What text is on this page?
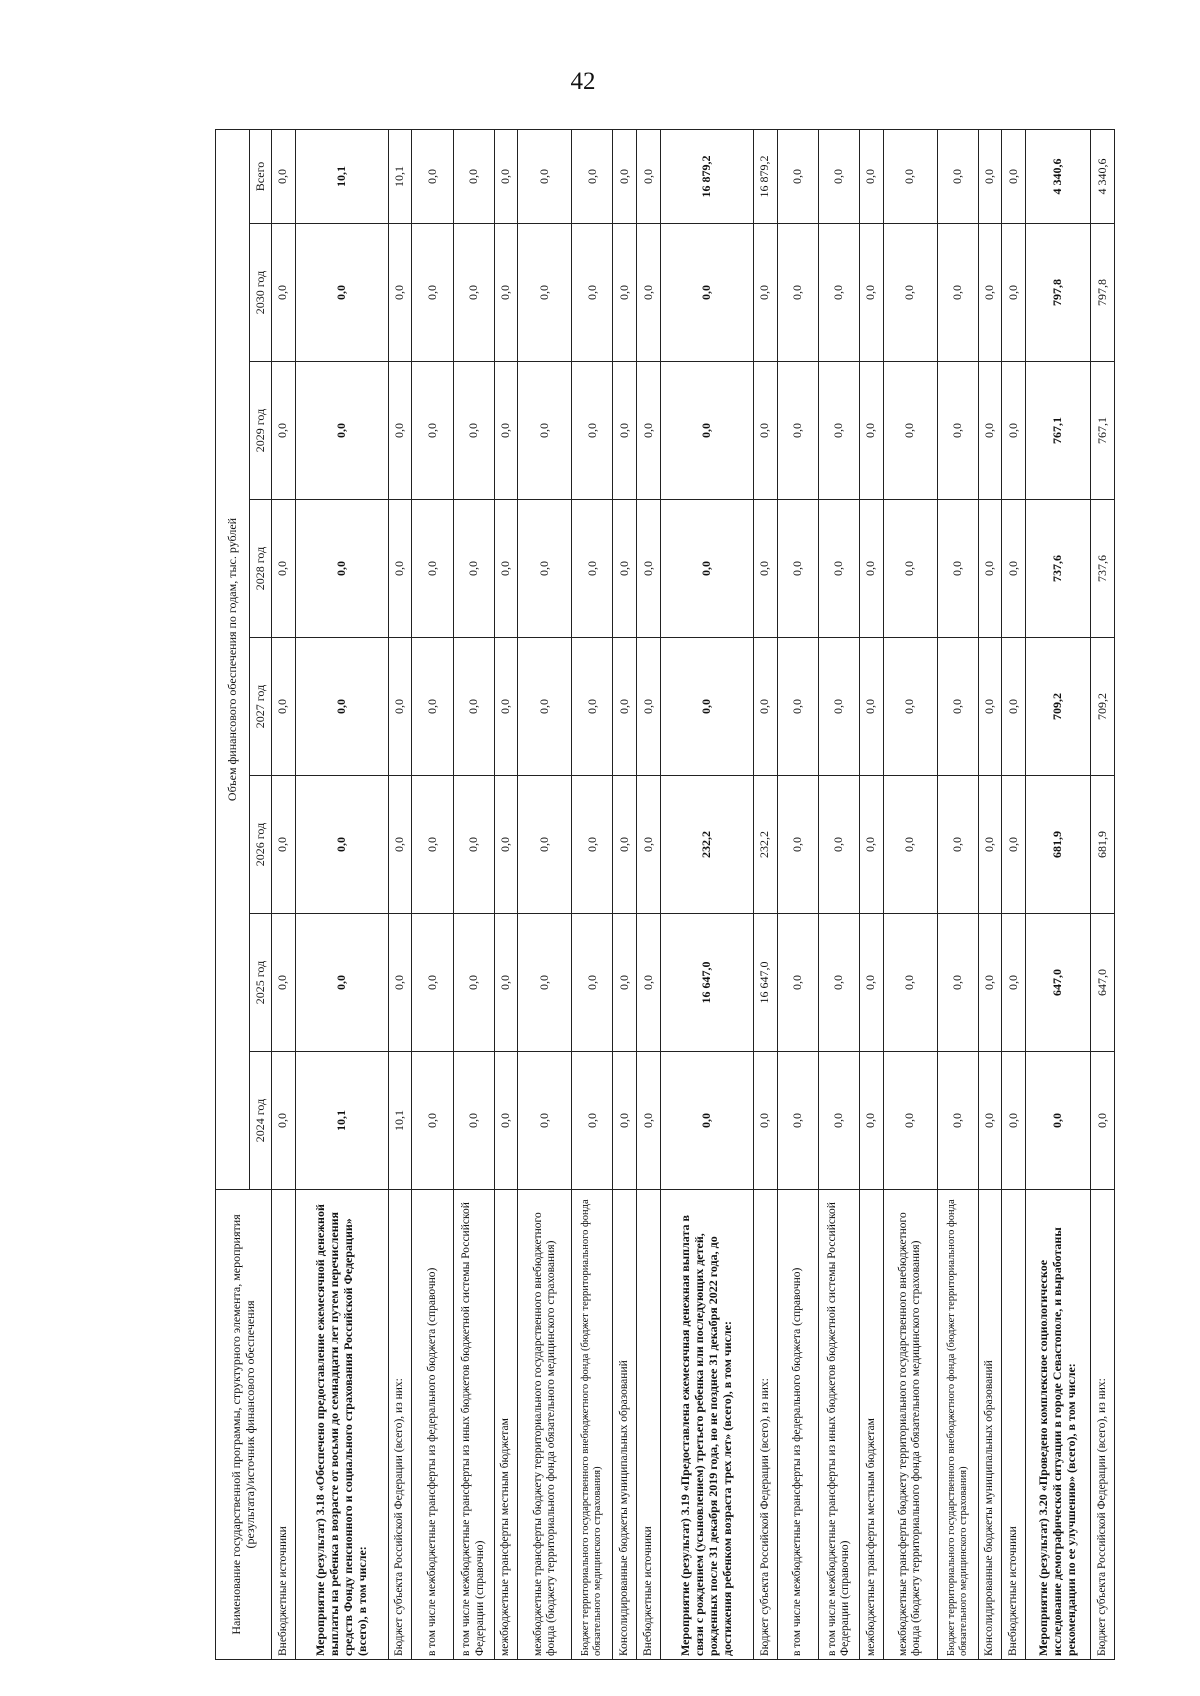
42
Наименование государственной программы, структурного элемента, мероприятия (результата)/источник финансового обеспечения	Объем финансового обеспечения по годам, тыс. рублей							
	2024 год	2025 год	2026 год	2027 год	2028 год	2029 год	2030 год	Всего
Внебюджетные источники	0,0	0,0	0,0	0,0	0,0	0,0	0,0	0,0
Мероприятие (результат) 3.18 «Обеспечено предоставление ежемесячной денежной выплаты на ребенка в возрасте от восьми до семнадцати лет путем перечисления средств Фонду пенсионного и социального страхования Российской Федерации» (всего), в том числе:	10,1	0,0	0,0	0,0	0,0	0,0	0,0	10,1
Бюджет субъекта Российской Федерации (всего), из них:	10,1	0,0	0,0	0,0	0,0	0,0	0,0	10,1
в том числе межбюджетные трансферты из федерального бюджета (справочно)	0,0	0,0	0,0	0,0	0,0	0,0	0,0	0,0
в том числе межбюджетные трансферты из иных бюджетов бюджетной системы Российской Федерации (справочно)	0,0	0,0	0,0	0,0	0,0	0,0	0,0	0,0
межбюджетные трансферты местным бюджетам	0,0	0,0	0,0	0,0	0,0	0,0	0,0	0,0
межбюджетные трансферты бюджету территориального государственного внебюджетного фонда (бюджету территориального фонда обязательного медицинского страхования)	0,0	0,0	0,0	0,0	0,0	0,0	0,0	0,0
Бюджет территориального государственного внебюджетного фонда (бюджет территориального фонда обязательного медицинского страхования)	0,0	0,0	0,0	0,0	0,0	0,0	0,0	0,0
Консолидированные бюджеты муниципальных образований	0,0	0,0	0,0	0,0	0,0	0,0	0,0	0,0
Внебюджетные источники	0,0	0,0	0,0	0,0	0,0	0,0	0,0	0,0
Мероприятие (результат) 3.19 «Предоставлена ежемесячная денежная выплата в связи с рождением (усыновлением) третьего ребенка или последующих детей, рожденных после 31 декабря 2019 года, но не позднее 31 декабря 2022 года, до достижения ребенком возраста трех лет» (всего), в том числе:	0,0	16 647,0	232,2	0,0	0,0	0,0	0,0	16 879,2
Бюджет субъекта Российской Федерации (всего), из них:	0,0	16 647,0	232,2	0,0	0,0	0,0	0,0	16 879,2
в том числе межбюджетные трансферты из федерального бюджета (справочно)	0,0	0,0	0,0	0,0	0,0	0,0	0,0	0,0
в том числе межбюджетные трансферты из иных бюджетов бюджетной системы Российской Федерации (справочно)	0,0	0,0	0,0	0,0	0,0	0,0	0,0	0,0
межбюджетные трансферты местным бюджетам	0,0	0,0	0,0	0,0	0,0	0,0	0,0	0,0
межбюджетные трансферты бюджету территориального государственного внебюджетного фонда (бюджету территориального фонда обязательного медицинского страхования)	0,0	0,0	0,0	0,0	0,0	0,0	0,0	0,0
Бюджет территориального государственного внебюджетного фонда (бюджет территориального фонда обязательного медицинского страхования)	0,0	0,0	0,0	0,0	0,0	0,0	0,0	0,0
Консолидированные бюджеты муниципальных образований	0,0	0,0	0,0	0,0	0,0	0,0	0,0	0,0
Внебюджетные источники	0,0	0,0	0,0	0,0	0,0	0,0	0,0	0,0
Мероприятие (результат) 3.20 «Проведено комплексное социологическое исследование демографической ситуации в городе Севастополе, и выработаны рекомендации по ее улучшению» (всего), в том числе:	0,0	647,0	681,9	709,2	737,6	767,1	797,8	4 340,6
Бюджет субъекта Российской Федерации (всего), из них:	0,0	647,0	681,9	709,2	737,6	767,1	797,8	4 340,6
